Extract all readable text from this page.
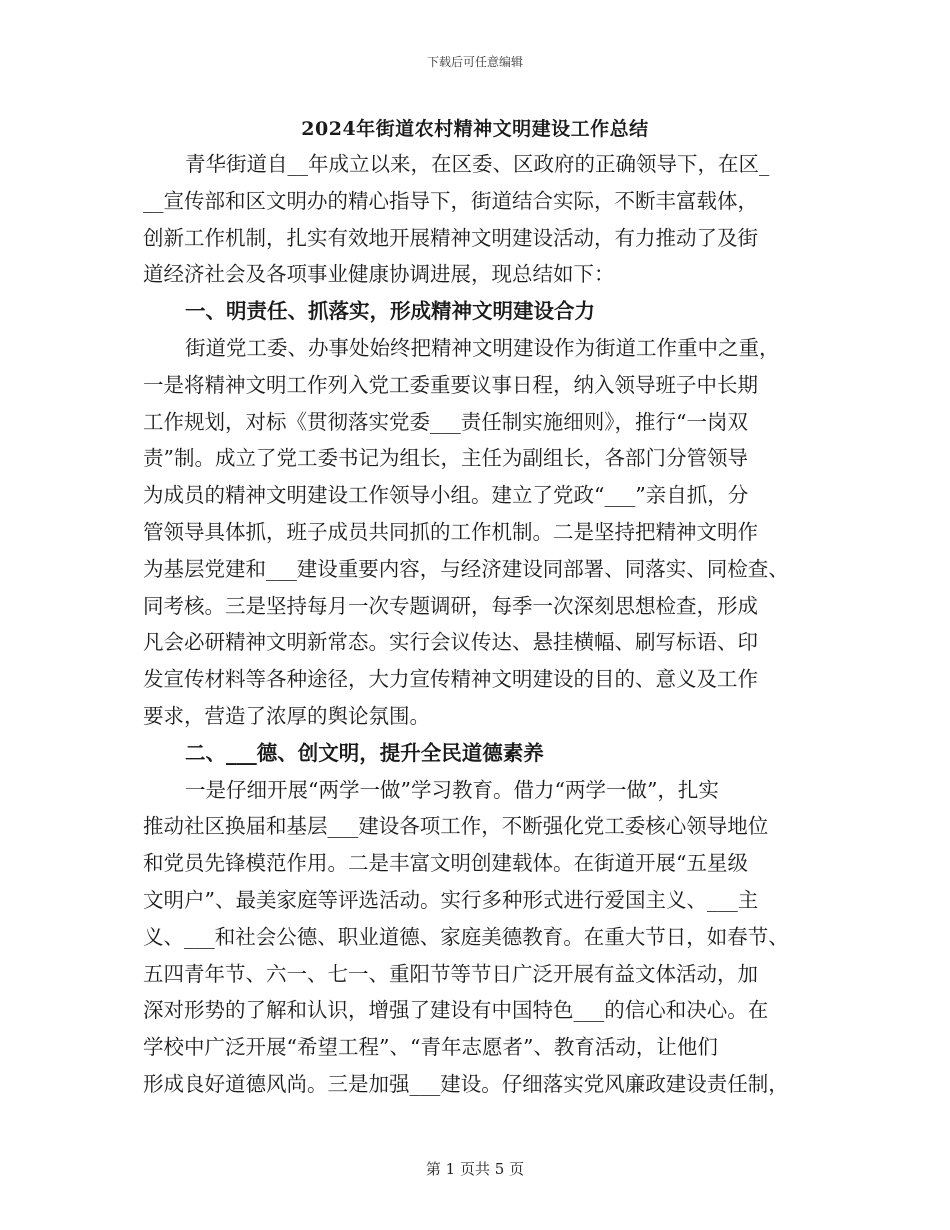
下载后可任意编辑
2024年街道农村精神文明建设工作总结
青华街道自__年成立以来，在区委、区政府的正确领导下，在区_
__宣传部和区文明办的精心指导下，街道结合实际，不断丰富载体，
创新工作机制，扎实有效地开展精神文明建设活动，有力推动了及街
道经济社会及各项事业健康协调进展，现总结如下：
一、明责任、抓落实，形成精神文明建设合力
街道党工委、办事处始终把精神文明建设作为街道工作重中之重，
一是将精神文明工作列入党工委重要议事日程，纳入领导班子中长期
工作规划，对标《贯彻落实党委___责任制实施细则》，推行“一岗双
责”制。成立了党工委书记为组长，主任为副组长，各部门分管领导
为成员的精神文明建设工作领导小组。建立了党政“___”亲自抓，分
管领导具体抓，班子成员共同抓的工作机制。二是坚持把精神文明作
为基层党建和___建设重要内容，与经济建设同部署、同落实、同检查、
同考核。三是坚持每月一次专题调研，每季一次深刻思想检查，形成
凡会必研精神文明新常态。实行会议传达、悬挂横幅、刷写标语、印
发宣传材料等各种途径，大力宣传精神文明建设的目的、意义及工作
要求，营造了浓厚的舆论氛围。
二、___德、创文明，提升全民道德素养
一是仔细开展“两学一做”学习教育。借力“两学一做”，扎实
推动社区换届和基层___建设各项工作，不断强化党工委核心领导地位
和党员先锋模范作用。二是丰富文明创建载体。在街道开展“五星级
文明户”、最美家庭等评选活动。实行多种形式进行爱国主义、___主
义、___和社会公德、职业道德、家庭美德教育。在重大节日，如春节、
五四青年节、六一、七一、重阳节等节日广泛开展有益文体活动，加
深对形势的了解和认识，增强了建设有中国特色___的信心和决心。在
学校中广泛开展“希望工程”、“青年志愿者”、教育活动，让他们
形成良好道德风尚。三是加强___建设。仔细落实党风廉政建设责任制，
第 1 页共 5 页
